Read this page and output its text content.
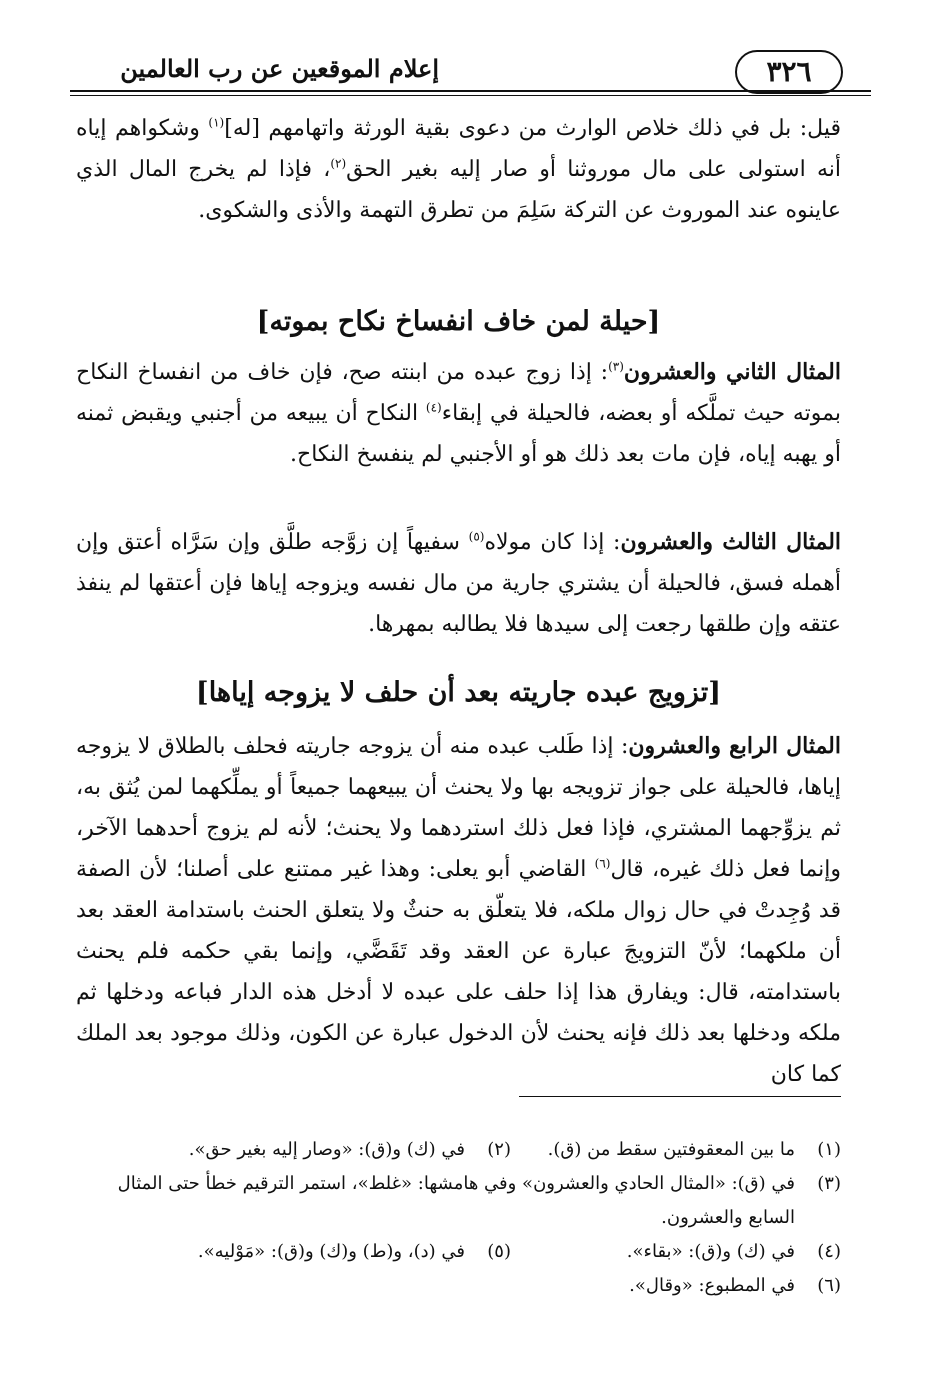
٣٢٦
إعلام الموقعين عن رب العالمين
قيل: بل في ذلك خلاص الوارث من دعوى بقية الورثة واتهامهم [له]$^{(١)}$ وشكواهم إياه أنه استولى على مال موروثنا أو صار إليه بغير الحق$^{(٢)}$، فإذا لم يخرج المال الذي عاينوه عند الموروث عن التركة سَلِمَ من تطرق التهمة والأذى والشكوى.
[حيلة لمن خاف انفساخ نكاح بموته]
المثال الثاني والعشرون$^{(٣)}$: إذا زوج عبده من ابنته صح، فإن خاف من انفساخ النكاح بموته حيث تملَّكه أو بعضه، فالحيلة في إبقاء$^{(٤)}$ النكاح أن يبيعه من أجنبي ويقبض ثمنه أو يهبه إياه، فإن مات بعد ذلك هو أو الأجنبي لم ينفسخ النكاح.
المثال الثالث والعشرون: إذا كان مولاه$^{(٥)}$ سفيهاً إن زوَّجه طلَّق وإن سَرَّاه أعتق وإن أهمله فسق، فالحيلة أن يشتري جارية من مال نفسه ويزوجه إياها فإن أعتقها لم ينفذ عتقه وإن طلقها رجعت إلى سيدها فلا يطالبه بمهرها.
[تزويج عبده جاريته بعد أن حلف لا يزوجه إياها]
المثال الرابع والعشرون: إذا طَلب عبده منه أن يزوجه جاريته فحلف بالطلاق لا يزوجه إياها، فالحيلة على جواز تزويجه بها ولا يحنث أن يبيعهما جميعاً أو يملِّكهما لمن يُثق به، ثم يزوِّجهما المشتري، فإذا فعل ذلك استردهما ولا يحنث؛ لأنه لم يزوج أحدهما الآخر، وإنما فعل ذلك غيره، قال$^{(٦)}$ القاضي أبو يعلى: وهذا غير ممتنع على أصلنا؛ لأن الصفة قد وُجِدتْ في حال زوال ملكه، فلا يتعلّق به حنثٌ ولا يتعلق الحنث باستدامة العقد بعد أن ملكهما؛ لأنّ التزويجَ عبارة عن العقد وقد تَقَضَّي، وإنما بقي حكمه فلم يحنث باستدامته، قال: ويفارق هذا إذا حلف على عبده لا أدخل هذه الدار فباعه ودخلها ثم ملكه ودخلها بعد ذلك فإنه يحنث لأن الدخول عبارة عن الكون، وذلك موجود بعد الملك كما كان
(١)
ما بين المعقوفتين سقط من (ق).
(٢)
في (ك) و(ق): «وصار إليه بغير حق».
(٣)
في (ق): «المثال الحادي والعشرون» وفي هامشها: «غلط»، استمر الترقيم خطأ حتى المثال السابع والعشرون.
(٤)
في (ك) و(ق): «بقاء».
(٥)
في (د)، و(ط) و(ك) و(ق): «مَوْليه».
(٦)
في المطبوع: «وقال».
